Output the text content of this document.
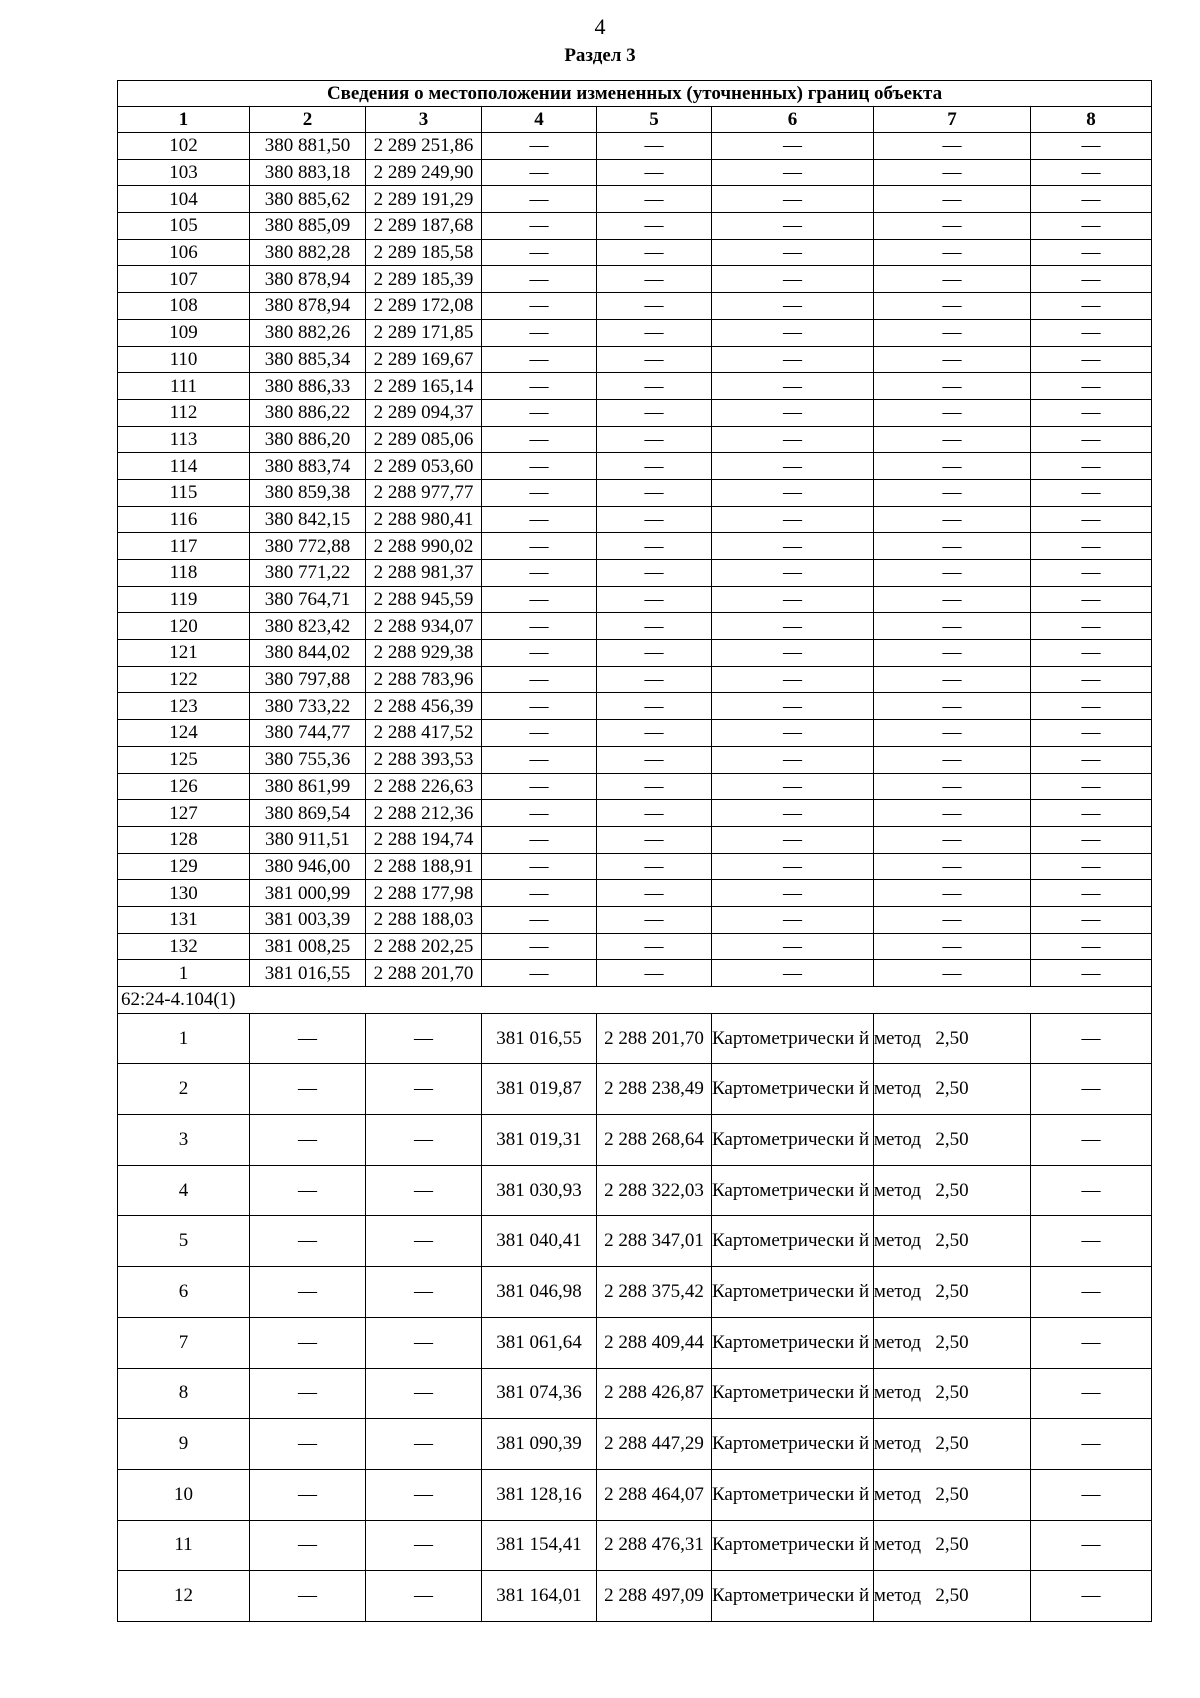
4
Раздел 3
Сведения о местоположении измененных (уточненных) границ объекта							
1	2	3	4	5	6	7	8
102	380 881,50	2 289 251,86	—	—	—	—	—
103	380 883,18	2 289 249,90	—	—	—	—	—
104	380 885,62	2 289 191,29	—	—	—	—	—
105	380 885,09	2 289 187,68	—	—	—	—	—
106	380 882,28	2 289 185,58	—	—	—	—	—
107	380 878,94	2 289 185,39	—	—	—	—	—
108	380 878,94	2 289 172,08	—	—	—	—	—
109	380 882,26	2 289 171,85	—	—	—	—	—
110	380 885,34	2 289 169,67	—	—	—	—	—
111	380 886,33	2 289 165,14	—	—	—	—	—
112	380 886,22	2 289 094,37	—	—	—	—	—
113	380 886,20	2 289 085,06	—	—	—	—	—
114	380 883,74	2 289 053,60	—	—	—	—	—
115	380 859,38	2 288 977,77	—	—	—	—	—
116	380 842,15	2 288 980,41	—	—	—	—	—
117	380 772,88	2 288 990,02	—	—	—	—	—
118	380 771,22	2 288 981,37	—	—	—	—	—
119	380 764,71	2 288 945,59	—	—	—	—	—
120	380 823,42	2 288 934,07	—	—	—	—	—
121	380 844,02	2 288 929,38	—	—	—	—	—
122	380 797,88	2 288 783,96	—	—	—	—	—
123	380 733,22	2 288 456,39	—	—	—	—	—
124	380 744,77	2 288 417,52	—	—	—	—	—
125	380 755,36	2 288 393,53	—	—	—	—	—
126	380 861,99	2 288 226,63	—	—	—	—	—
127	380 869,54	2 288 212,36	—	—	—	—	—
128	380 911,51	2 288 194,74	—	—	—	—	—
129	380 946,00	2 288 188,91	—	—	—	—	—
130	381 000,99	2 288 177,98	—	—	—	—	—
131	381 003,39	2 288 188,03	—	—	—	—	—
132	381 008,25	2 288 202,25	—	—	—	—	—
1	381 016,55	2 288 201,70	—	—	—	—	—
62:24-4.104(1)							
1	—	—	381 016,55	2 288 201,70	Картометрически й метод	2,50	—
2	—	—	381 019,87	2 288 238,49	Картометрически й метод	2,50	—
3	—	—	381 019,31	2 288 268,64	Картометрически й метод	2,50	—
4	—	—	381 030,93	2 288 322,03	Картометрически й метод	2,50	—
5	—	—	381 040,41	2 288 347,01	Картометрически й метод	2,50	—
6	—	—	381 046,98	2 288 375,42	Картометрически й метод	2,50	—
7	—	—	381 061,64	2 288 409,44	Картометрически й метод	2,50	—
8	—	—	381 074,36	2 288 426,87	Картометрически й метод	2,50	—
9	—	—	381 090,39	2 288 447,29	Картометрически й метод	2,50	—
10	—	—	381 128,16	2 288 464,07	Картометрически й метод	2,50	—
11	—	—	381 154,41	2 288 476,31	Картометрически й метод	2,50	—
12	—	—	381 164,01	2 288 497,09	Картометрически й метод	2,50	—
